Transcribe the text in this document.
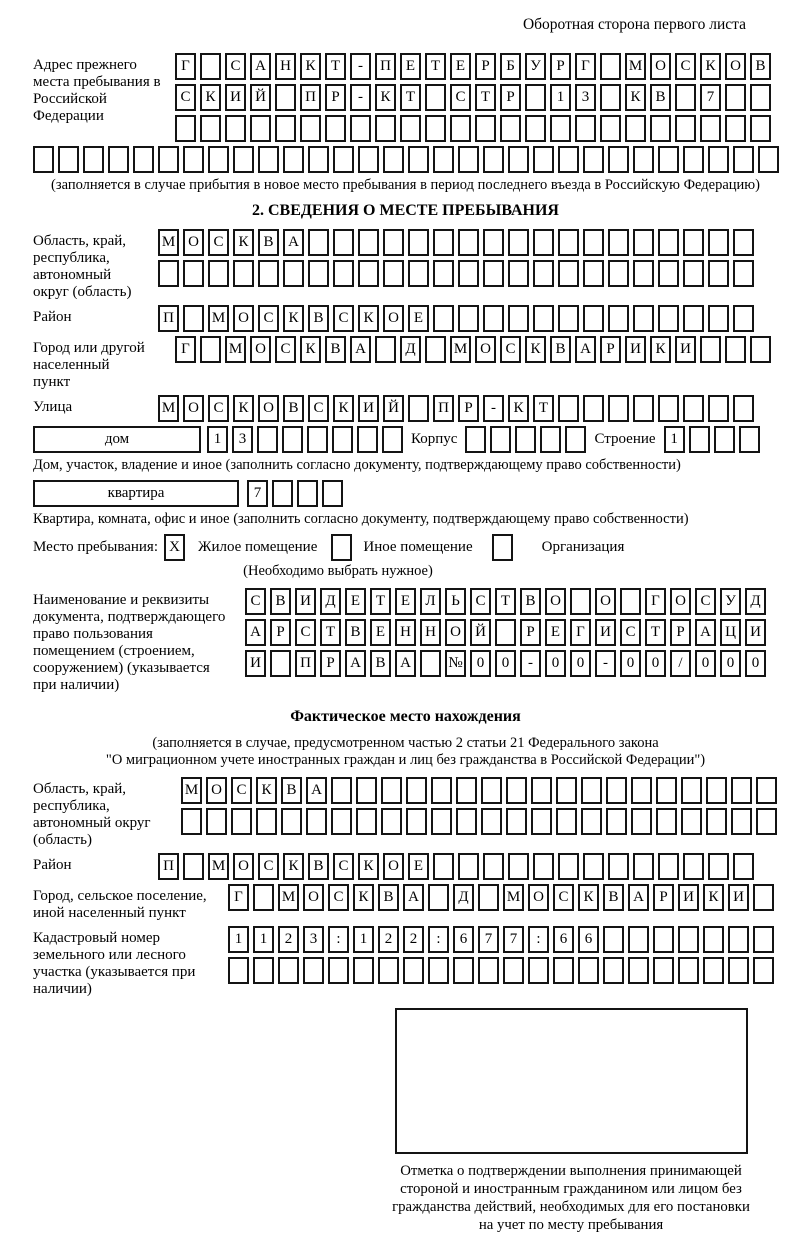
Оборотная сторона первого листа
Адрес прежнего места пребывания в Российской Федерации
Г	С А Н К	Т	-	П Е	Т	Е	Р	Б	У	Р	Г	М О С К О В
С К И Й	П	Р	-	К	Т	С	Т	Р	1	3	К В	7
(заполняется в случае прибытия в новое место пребывания в период последнего въезда в Российскую Федерацию)
2. СВЕДЕНИЯ О МЕСТЕ ПРЕБЫВАНИЯ
Область, край, республика, автономный округ (область)
М О С К В А
Район	П	М О С К В С К О Е
Город или другой населенный пункт
Г	М О С К В А	Д	М О С К В А	Р	И К И
Улица	М О С К О В С К И Й	П	Р	-	К	Т
дом	1	3	Корпус	Строение 1
Дом, участок, владение и иное (заполнить согласно документу, подтверждающему право собственности)
квартира	7
Квартира, комната, офис и иное (заполнить согласно документу, подтверждающему право собственности)
Место пребывания: X	Жилое помещение	Иное помещение	Организация
(Необходимо выбрать нужное)
Наименование и реквизиты документа, подтверждающего право пользования помещением (строением, сооружением) (указывается при наличии)
С В И Д	Е	Т	Е	Л	Ь	С	Т	В О	О	Г	О С У Д
А	Р	С	Т	В	Е	Н Н О Й	Р	Е	Г	И С	Т	Р	А Ц И
И	П	Р	А В А	№ 0	0	-	0	0	-	0	0	/	0	0	0
Фактическое место нахождения
(заполняется в случае, предусмотренном частью 2 статьи 21 Федерального закона
"О миграционном учете иностранных граждан и лиц без гражданства в Российской Федерации")
Область, край, республика, автономный округ (область)
М О С К В А
Район	П	М О С К В С К О Е
Город, сельское поселение, иной населенный пункт
Г	М О С К В А	Д	М О С К В А	Р	И К И
Кадастровый номер земельного или лесного участка (указывается при наличии)
1	1	2	3	:	1	2	2	:	6	7	7	:	6	6
Отметка о подтверждении выполнения принимающей
стороной и иностранным гражданином или лицом без
гражданства действий, необходимых для его постановки
на учет по месту пребывания
